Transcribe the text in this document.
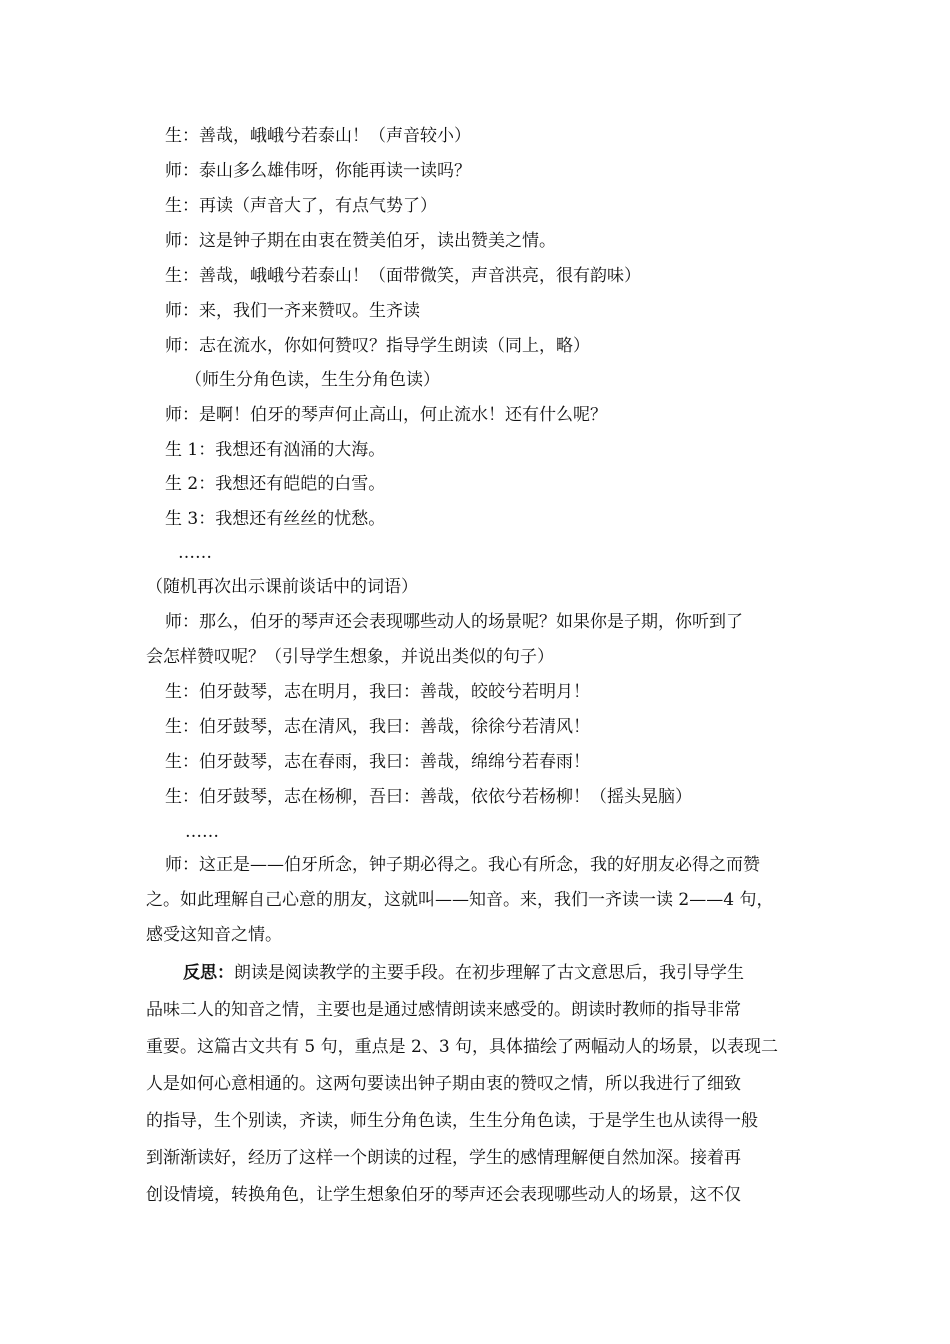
生：善哉，峨峨兮若泰山！（声音较小）
师：泰山多么雄伟呀，你能再读一读吗？
生：再读（声音大了，有点气势了）
师：这是钟子期在由衷在赞美伯牙，读出赞美之情。
生：善哉，峨峨兮若泰山！（面带微笑，声音洪亮，很有韵味）
师：来，我们一齐来赞叹。生齐读
师：志在流水，你如何赞叹？指导学生朗读（同上，略）
（师生分角色读，生生分角色读）
师：是啊！伯牙的琴声何止高山，何止流水！还有什么呢？
生 1：我想还有汹涌的大海。
生 2：我想还有皑皑的白雪。
生 3：我想还有丝丝的忧愁。
……
（随机再次出示课前谈话中的词语）
师：那么，伯牙的琴声还会表现哪些动人的场景呢？如果你是子期，你听到了
会怎样赞叹呢？（引导学生想象，并说出类似的句子）
生：伯牙鼓琴，志在明月，我曰：善哉，皎皎兮若明月！
生：伯牙鼓琴，志在清风，我曰：善哉，徐徐兮若清风！
生：伯牙鼓琴，志在春雨，我曰：善哉，绵绵兮若春雨！
生：伯牙鼓琴，志在杨柳，吾曰：善哉，依依兮若杨柳！（摇头晃脑）
……
师：这正是——伯牙所念，钟子期必得之。我心有所念，我的好朋友必得之而赞
之。如此理解自己心意的朋友，这就叫——知音。来，我们一齐读一读 2——4 句，
感受这知音之情。
反思：朗读是阅读教学的主要手段。在初步理解了古文意思后，我引导学生
品味二人的知音之情，主要也是通过感情朗读来感受的。朗读时教师的指导非常
重要。这篇古文共有 5 句，重点是 2、3 句，具体描绘了两幅动人的场景，以表现二
人是如何心意相通的。这两句要读出钟子期由衷的赞叹之情，所以我进行了细致
的指导，生个别读，齐读，师生分角色读，生生分角色读，于是学生也从读得一般
到渐渐读好，经历了这样一个朗读的过程，学生的感情理解便自然加深。接着再
创设情境，转换角色，让学生想象伯牙的琴声还会表现哪些动人的场景，这不仅
